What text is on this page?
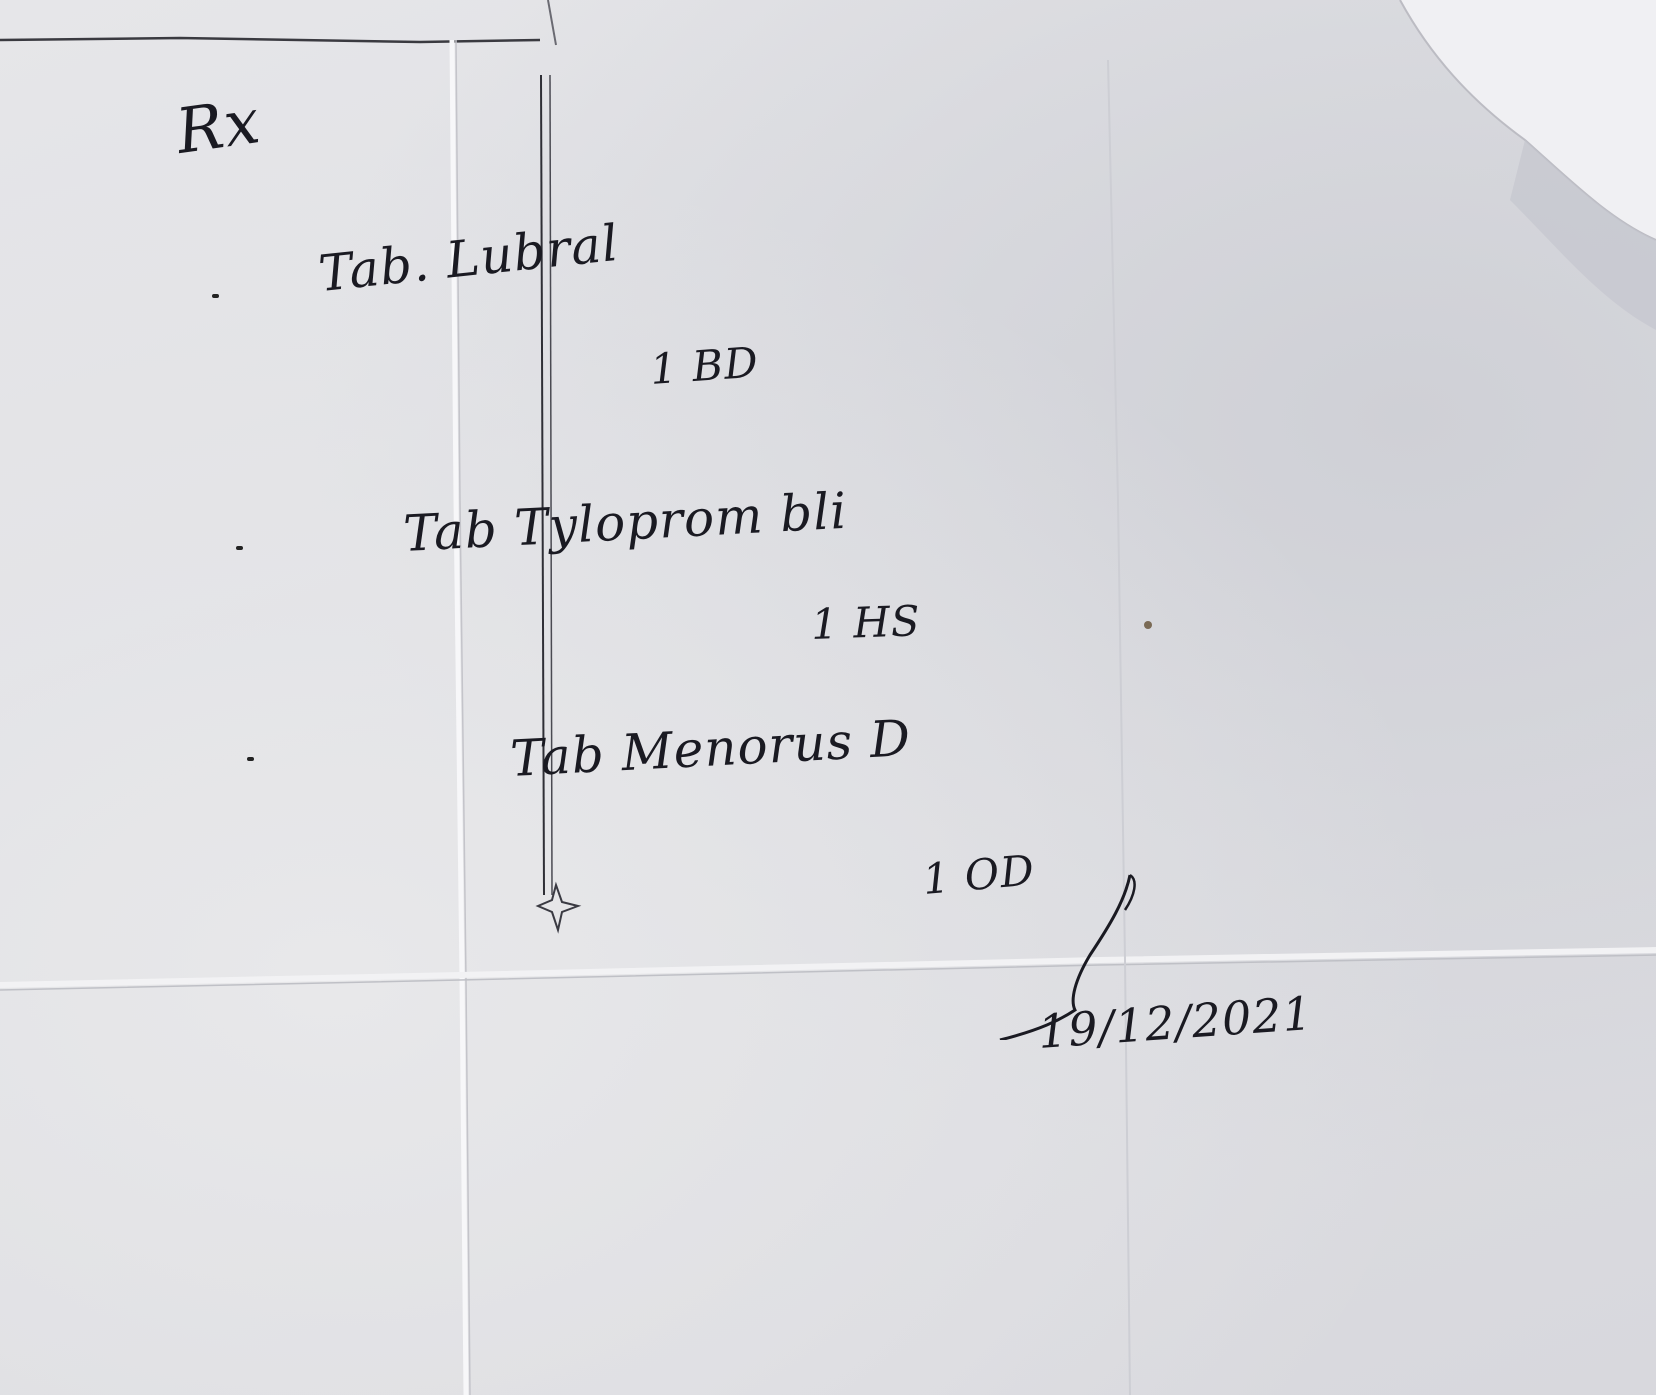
Rx
Tab. Lubral
1 BD
Tab Tyloprom bli
1 HS
Tab Menorus D
1 OD
19/12/2021
